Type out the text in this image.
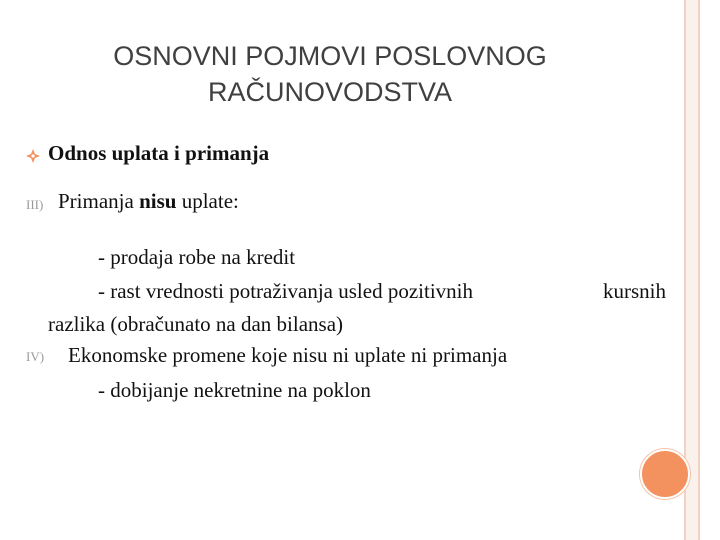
OSNOVNI POJMOVI POSLOVNOG
RAČUNOVODSTVA
Odnos uplata i primanja
III) Primanja nisu uplate:
- prodaja robe na kredit
- rast vrednosti potraživanja usled pozitivnih	kursnih
razlika (obračunato na dan bilansa)
IV) Ekonomske promene koje nisu ni uplate ni primanja
- dobijanje nekretnine na poklon
